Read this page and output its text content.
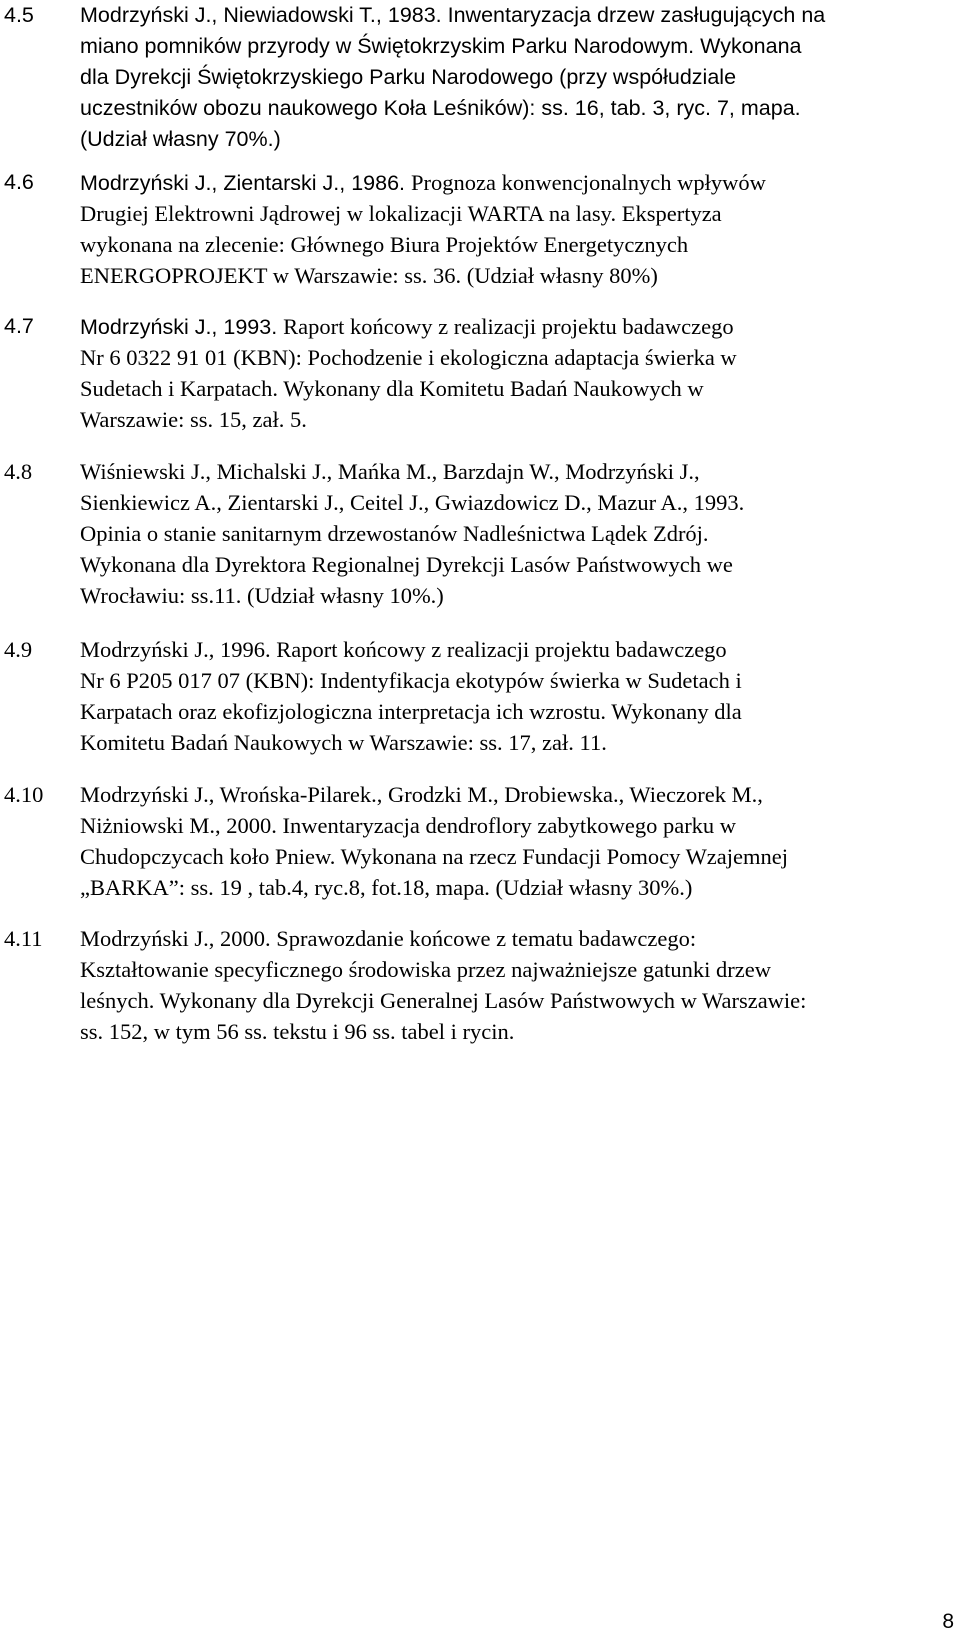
4.5 Modrzyński J., Niewiadowski T., 1983. Inwentaryzacja drzew zasługujących na
miano pomników przyrody w Świętokrzyskim Parku Narodowym. Wykonana
dla Dyrekcji Świętokrzyskiego Parku Narodowego (przy współudziale
uczestników obozu naukowego Koła Leśników): ss. 16, tab. 3, ryc. 7, mapa.
(Udział własny 70%.)
4.6 Modrzyński J., Zientarski J., 1986. Prognoza konwencjonalnych wpływów
Drugiej Elektrowni Jądrowej w lokalizacji WARTA na lasy. Ekspertyza
wykonana na zlecenie: Głównego Biura Projektów Energetycznych
ENERGOPROJEKT w Warszawie: ss. 36. (Udział własny 80%)
4.7 Modrzyński J., 1993. Raport końcowy z realizacji projektu badawczego
Nr 6 0322 91 01 (KBN): Pochodzenie i ekologiczna adaptacja świerka w
Sudetach i Karpatach. Wykonany dla Komitetu Badań Naukowych w
Warszawie: ss. 15, zał. 5.
4.8 Wiśniewski J., Michalski J., Mańka M., Barzdajn W., Modrzyński J.,
Sienkiewicz A., Zientarski J., Ceitel J., Gwiazdowicz D., Mazur A., 1993.
Opinia o stanie sanitarnym drzewostanów Nadleśnictwa Lądek Zdrój.
Wykonana dla Dyrektora Regionalnej Dyrekcji Lasów Państwowych we
Wrocławiu: ss.11. (Udział własny 10%.)
4.9 Modrzyński J., 1996. Raport końcowy z realizacji projektu badawczego
Nr 6 P205 017 07 (KBN): Indentyfikacja ekotypów świerka w Sudetach i
Karpatach oraz ekofizjologiczna interpretacja ich wzrostu. Wykonany dla
Komitetu Badań Naukowych w Warszawie: ss. 17, zał. 11.
4.10 Modrzyński J., Wrońska-Pilarek., Grodzki M., Drobiewska., Wieczorek M.,
Niżniowski M., 2000. Inwentaryzacja dendroflory zabytkowego parku w
Chudopczycach koło Pniew. Wykonana na rzecz Fundacji Pomocy Wzajemnej
„BARKA”: ss. 19 , tab.4, ryc.8, fot.18, mapa. (Udział własny 30%.)
4.11 Modrzyński J., 2000. Sprawozdanie końcowe z tematu badawczego:
Kształtowanie specyficznego środowiska przez najważniejsze gatunki drzew
leśnych. Wykonany dla Dyrekcji Generalnej Lasów Państwowych w Warszawie:
ss. 152, w tym 56 ss. tekstu i 96 ss. tabel i rycin.
8
